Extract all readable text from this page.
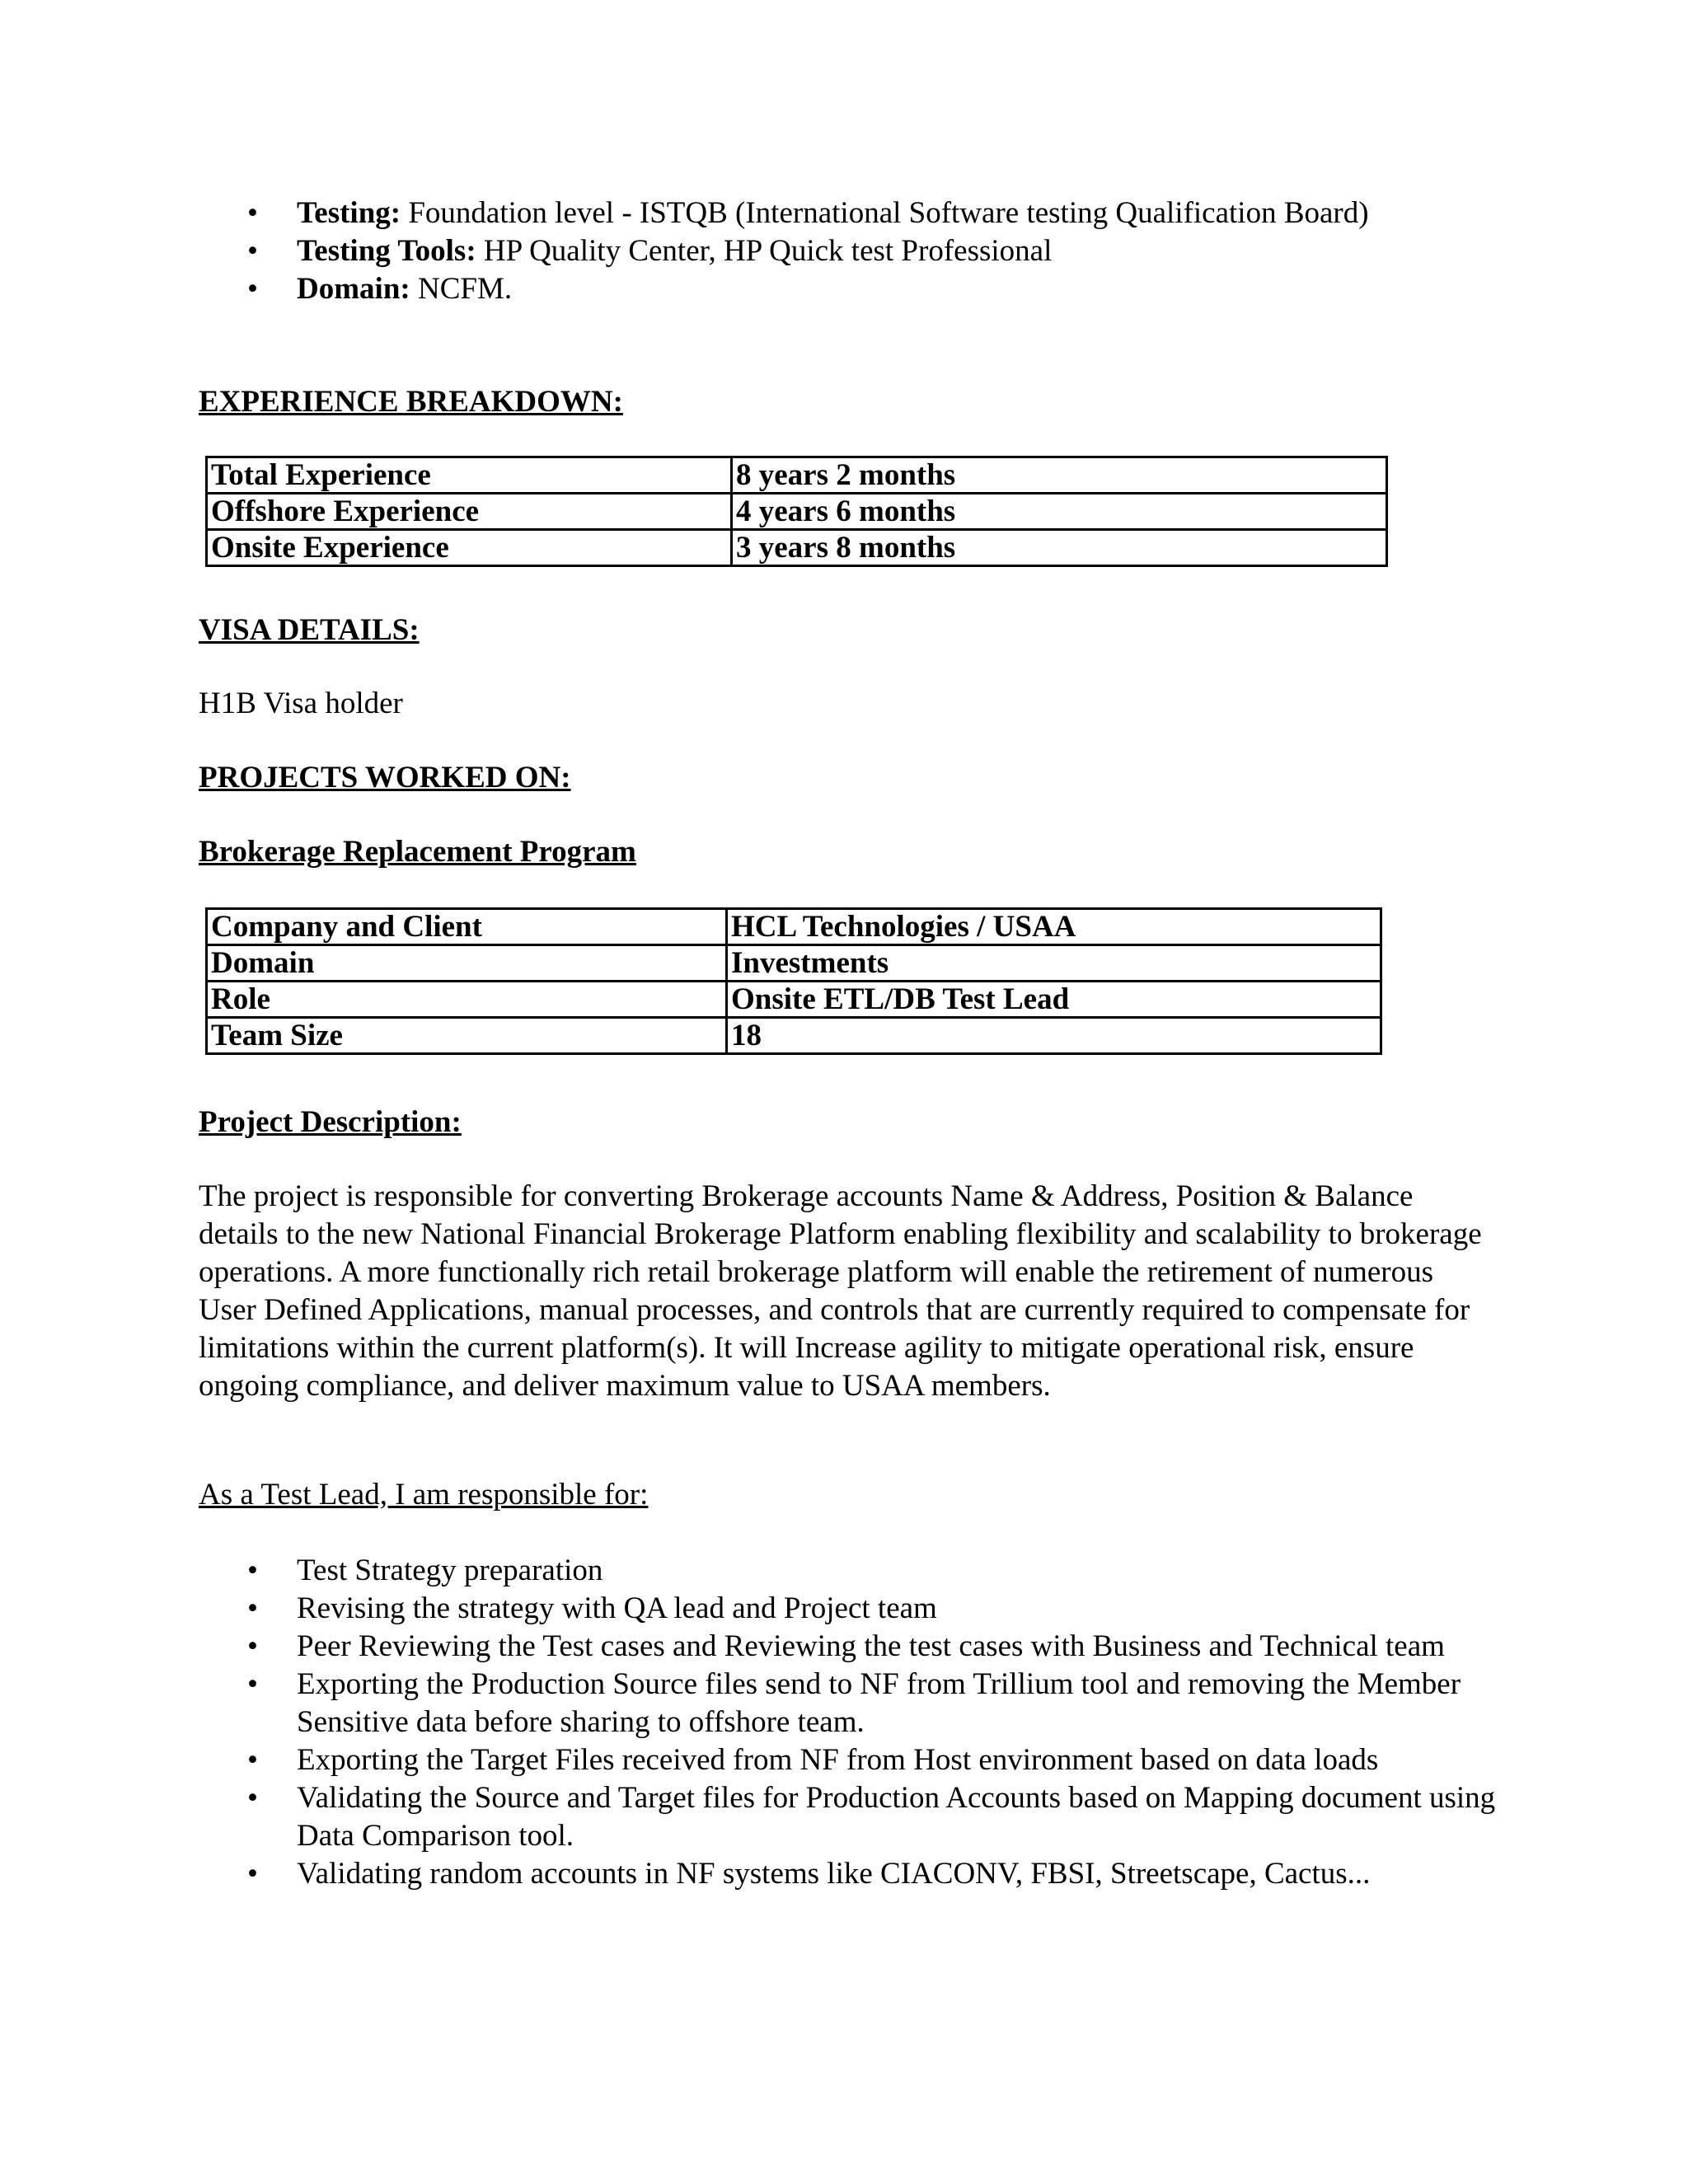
•	Testing: Foundation level - ISTQB (International Software testing Qualification Board)
•	Testing Tools: HP Quality Center, HP Quick test Professional
•	Domain: NCFM.
EXPERIENCE BREAKDOWN:
Total Experience	8 years 2 months
Offshore Experience	4 years 6 months
Onsite Experience	3 years 8 months
VISA DETAILS:
H1B Visa holder
PROJECTS WORKED ON:
Brokerage Replacement Program
Company and Client	HCL Technologies / USAA
Domain	Investments
Role	Onsite ETL/DB Test Lead
Team Size	18
Project Description:

The project is responsible for converting Brokerage accounts Name & Address, Position & Balance details to the new National Financial Brokerage Platform enabling flexibility and scalability to brokerage operations. A more functionally rich retail brokerage platform will enable the retirement of numerous User Defined Applications, manual processes, and controls that are currently required to compensate for limitations within the current platform(s). It will Increase agility to mitigate operational risk, ensure ongoing compliance, and deliver maximum value to USAA members.

As a Test Lead, I am responsible for:
•	Test Strategy preparation
•	Revising the strategy with QA lead and Project team
•	Peer Reviewing the Test cases and Reviewing the test cases with Business and Technical team
•	Exporting the Production Source files send to NF from Trillium tool and removing the Member Sensitive data before sharing to offshore team.
•	Exporting the Target Files received from NF from Host environment based on data loads
•	Validating the Source and Target files for Production Accounts based on Mapping document using Data Comparison tool.
•	Validating random accounts in NF systems like CIACONV, FBSI, Streetscape, Cactus...
